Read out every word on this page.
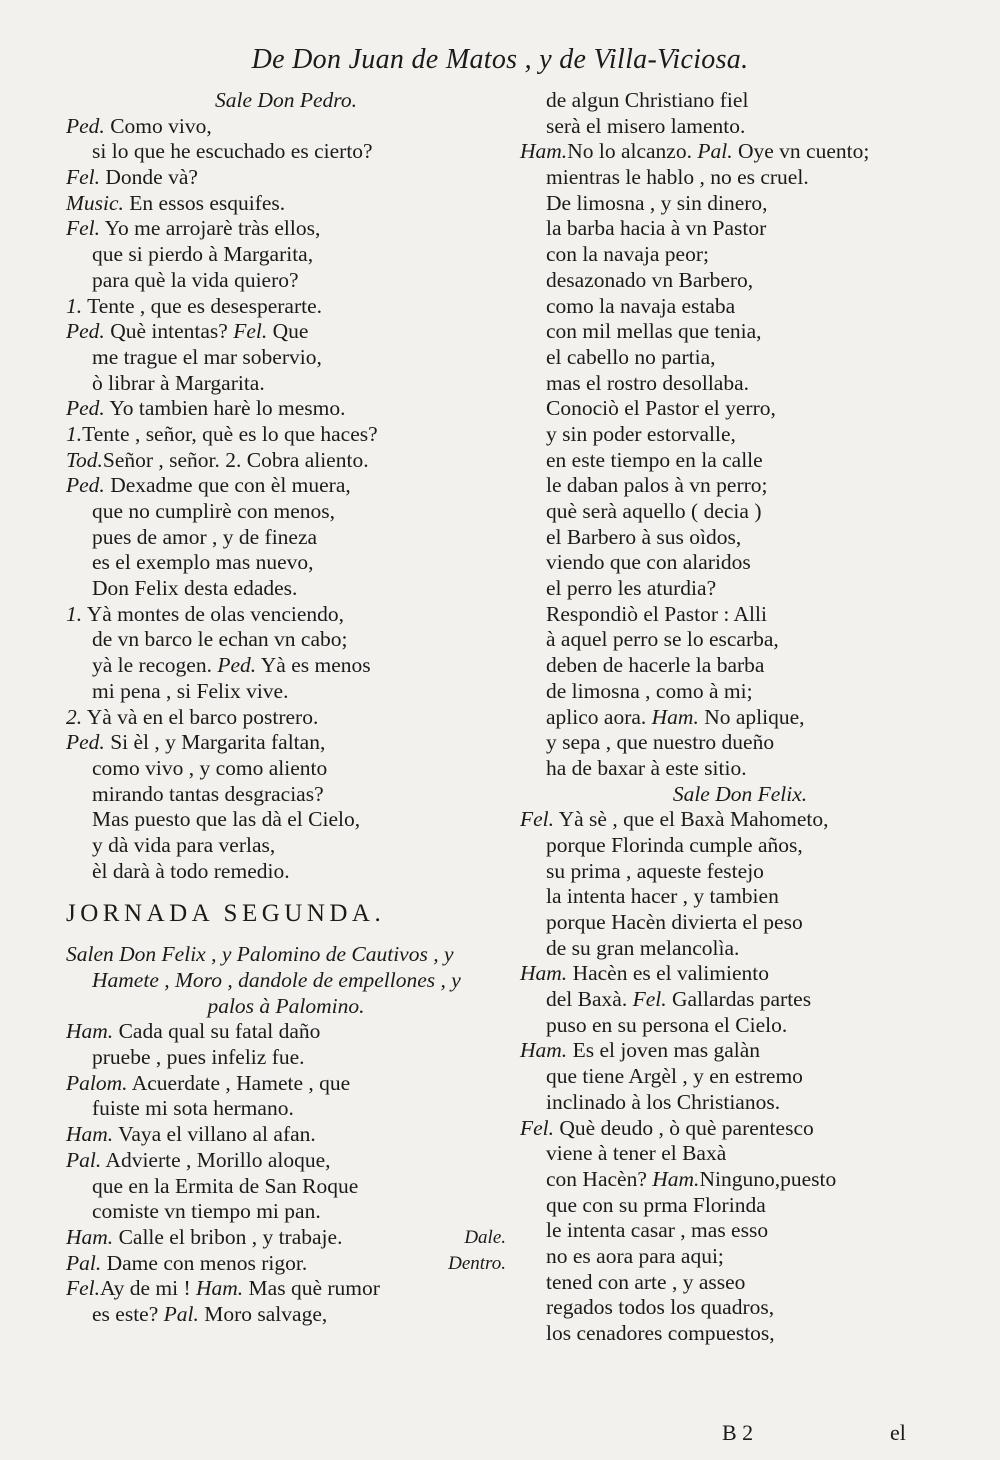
De Don Juan de Matos , y de Villa-Viciosa.
Sale Don Pedro.
Ped. Como vivo,
si lo que he escuchado es cierto?
Fel. Donde và?
Music. En essos esquifes.
Fel. Yo me arrojarè tràs ellos,
que si pierdo à Margarita,
para què la vida quiero?
1. Tente , que es desesperarte.
Ped. Què intentas? Fel. Que
me trague el mar sobervio,
ò librar à Margarita.
Ped. Yo tambien harè lo mesmo.
1.Tente , señor, què es lo que haces?
Tod.Señor , señor. 2. Cobra aliento.
Ped. Dexadme que con èl muera,
que no cumplirè con menos,
pues de amor , y de fineza
es el exemplo mas nuevo,
Don Felix desta edades.
1. Yà montes de olas venciendo,
de vn barco le echan vn cabo;
yà le recogen. Ped. Yà es menos
mi pena , si Felix vive.
2. Yà và en el barco postrero.
Ped. Si èl , y Margarita faltan,
como vivo , y como aliento
mirando tantas desgracias?
Mas puesto que las dà el Cielo,
y dà vida para verlas,
èl darà à todo remedio.
JORNADA SEGUNDA.
Salen Don Felix , y Palomino de Cautivos , y
Hamete , Moro , dandole de empellones , y
palos à Palomino.
Ham. Cada qual su fatal daño
pruebe , pues infeliz fue.
Palom. Acuerdate , Hamete , que
fuiste mi sota hermano.
Ham. Vaya el villano al afan.
Pal. Advierte , Morillo aloque,
que en la Ermita de San Roque
comiste vn tiempo mi pan.
Ham. Calle el bribon , y trabaje.	Dale.
Pal. Dame con menos rigor.	Dentro.
Fel.Ay de mi ! Ham. Mas què rumor
es este? Pal. Moro salvage,
de algun Christiano fiel
serà el misero lamento.
Ham.No lo alcanzo. Pal. Oye vn cuento;
mientras le hablo , no es cruel.
De limosna , y sin dinero,
la barba hacia à vn Pastor
con la navaja peor;
desazonado vn Barbero,
como la navaja estaba
con mil mellas que tenia,
el cabello no partia,
mas el rostro desollaba.
Conociò el Pastor el yerro,
y sin poder estorvalle,
en este tiempo en la calle
le daban palos à vn perro;
què serà aquello ( decia )
el Barbero à sus oìdos,
viendo que con alaridos
el perro les aturdia?
Respondiò el Pastor : Alli
à aquel perro se lo escarba,
deben de hacerle la barba
de limosna , como à mi;
aplico aora. Ham. No aplique,
y sepa , que nuestro dueño
ha de baxar à este sitio.
Sale Don Felix.
Fel. Yà sè , que el Baxà Mahometo,
porque Florinda cumple años,
su prima , aqueste festejo
la intenta hacer , y tambien
porque Hacèn divierta el peso
de su gran melancolìa.
Ham. Hacèn es el valimiento
del Baxà. Fel. Gallardas partes
puso en su persona el Cielo.
Ham. Es el joven mas galàn
que tiene Argèl , y en estremo
inclinado à los Christianos.
Fel. Què deudo , ò què parentesco
viene à tener el Baxà
con Hacèn? Ham.Ninguno,puesto
que con su prma Florinda
le intenta casar , mas esso
no es aora para aqui;
tened con arte , y asseo
regados todos los quadros,
los cenadores compuestos,
B 2	el
